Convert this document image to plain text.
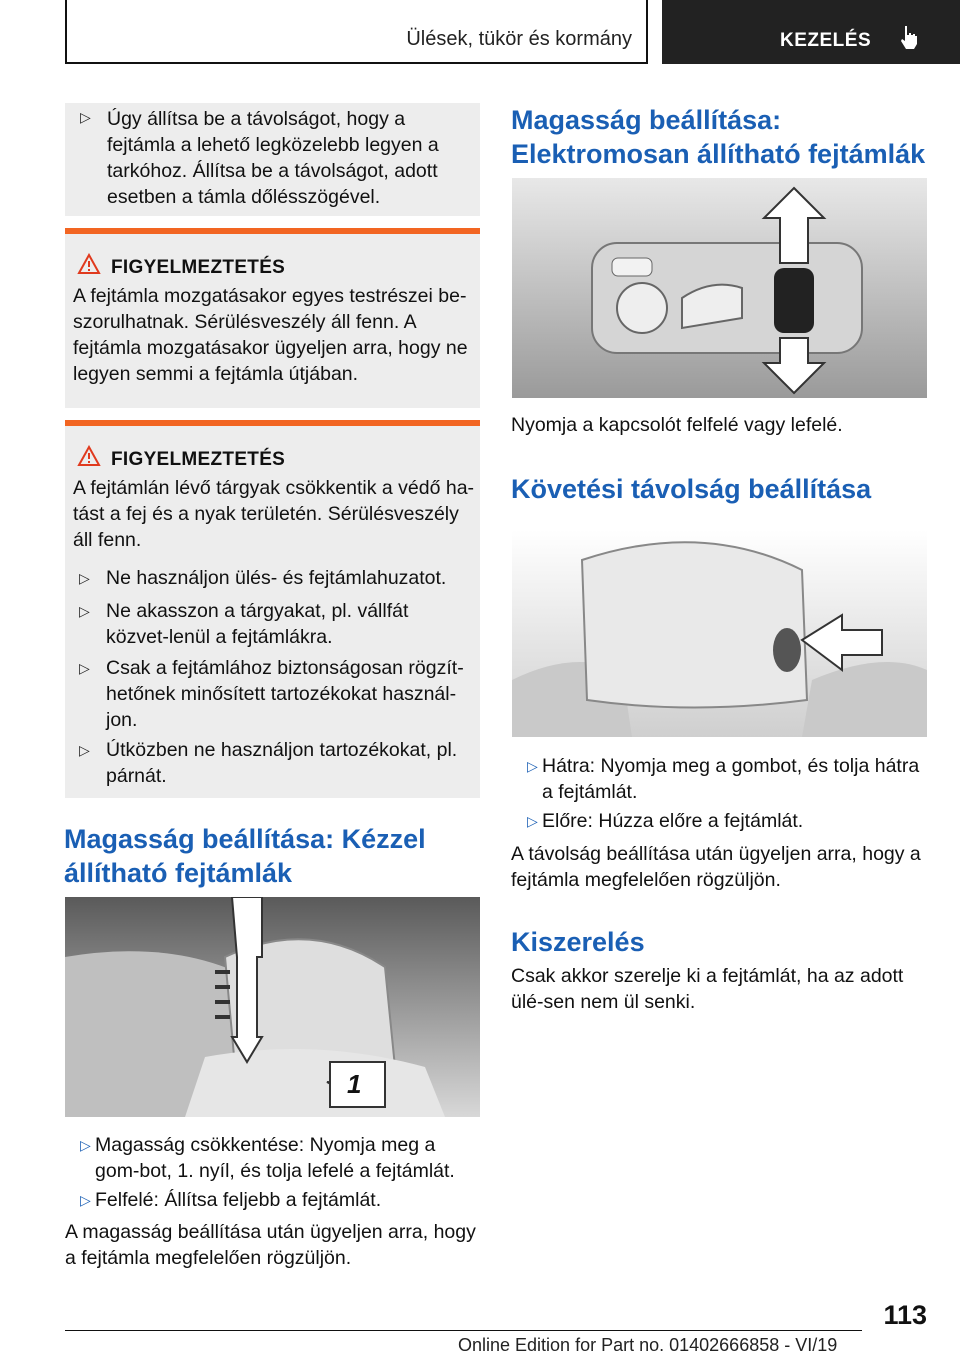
Ülések, tükör és kormány	KEZELÉS
▷ Úgy állítsa be a távolságot, hogy a fejtámla a lehető legközelebb legyen a tarkóhoz. Állítsa be a távolságot, adott esetben a támla dőlésszögével.
FIGYELMEZTETÉS
A fejtámla mozgatásakor egyes testrészei be-szorulhatnak. Sérülésveszély áll fenn. A fejtámla mozgatásakor ügyeljen arra, hogy ne legyen semmi a fejtámla útjában.
FIGYELMEZTETÉS
A fejtámlán lévő tárgyak csökkentik a védő ha-tást a fej és a nyak területén. Sérülésveszély áll fenn.
▷ Ne használjon ülés- és fejtámlahuzatot.
▷ Ne akasszon a tárgyakat, pl. vállfát közvet-lenül a fejtámlákra.
▷ Csak a fejtámlához biztonságosan rögzít-hetőnek minősített tartozékokat használ-jon.
▷ Útközben ne használjon tartozékokat, pl. párnát.
Magasság beállítása: Kézzel állítható fejtámlák
1
▷ Magasság csökkentése: Nyomja meg a gom-bot, 1. nyíl, és tolja lefelé a fejtámlát.
▷ Felfelé: Állítsa feljebb a fejtámlát.
A magasság beállítása után ügyeljen arra, hogy a fejtámla megfelelően rögzüljön.
Magasság beállítása: Elektromosan állítható fejtámlák
Nyomja a kapcsolót felfelé vagy lefelé.
Követési távolság beállítása
▷ Hátra: Nyomja meg a gombot, és tolja hátra a fejtámlát.
▷ Előre: Húzza előre a fejtámlát.
A távolság beállítása után ügyeljen arra, hogy a fejtámla megfelelően rögzüljön.
Kiszerelés
Csak akkor szerelje ki a fejtámlát, ha az adott ülé-sen nem ül senki.
113
Online Edition for Part no. 01402666858 - VI/19
